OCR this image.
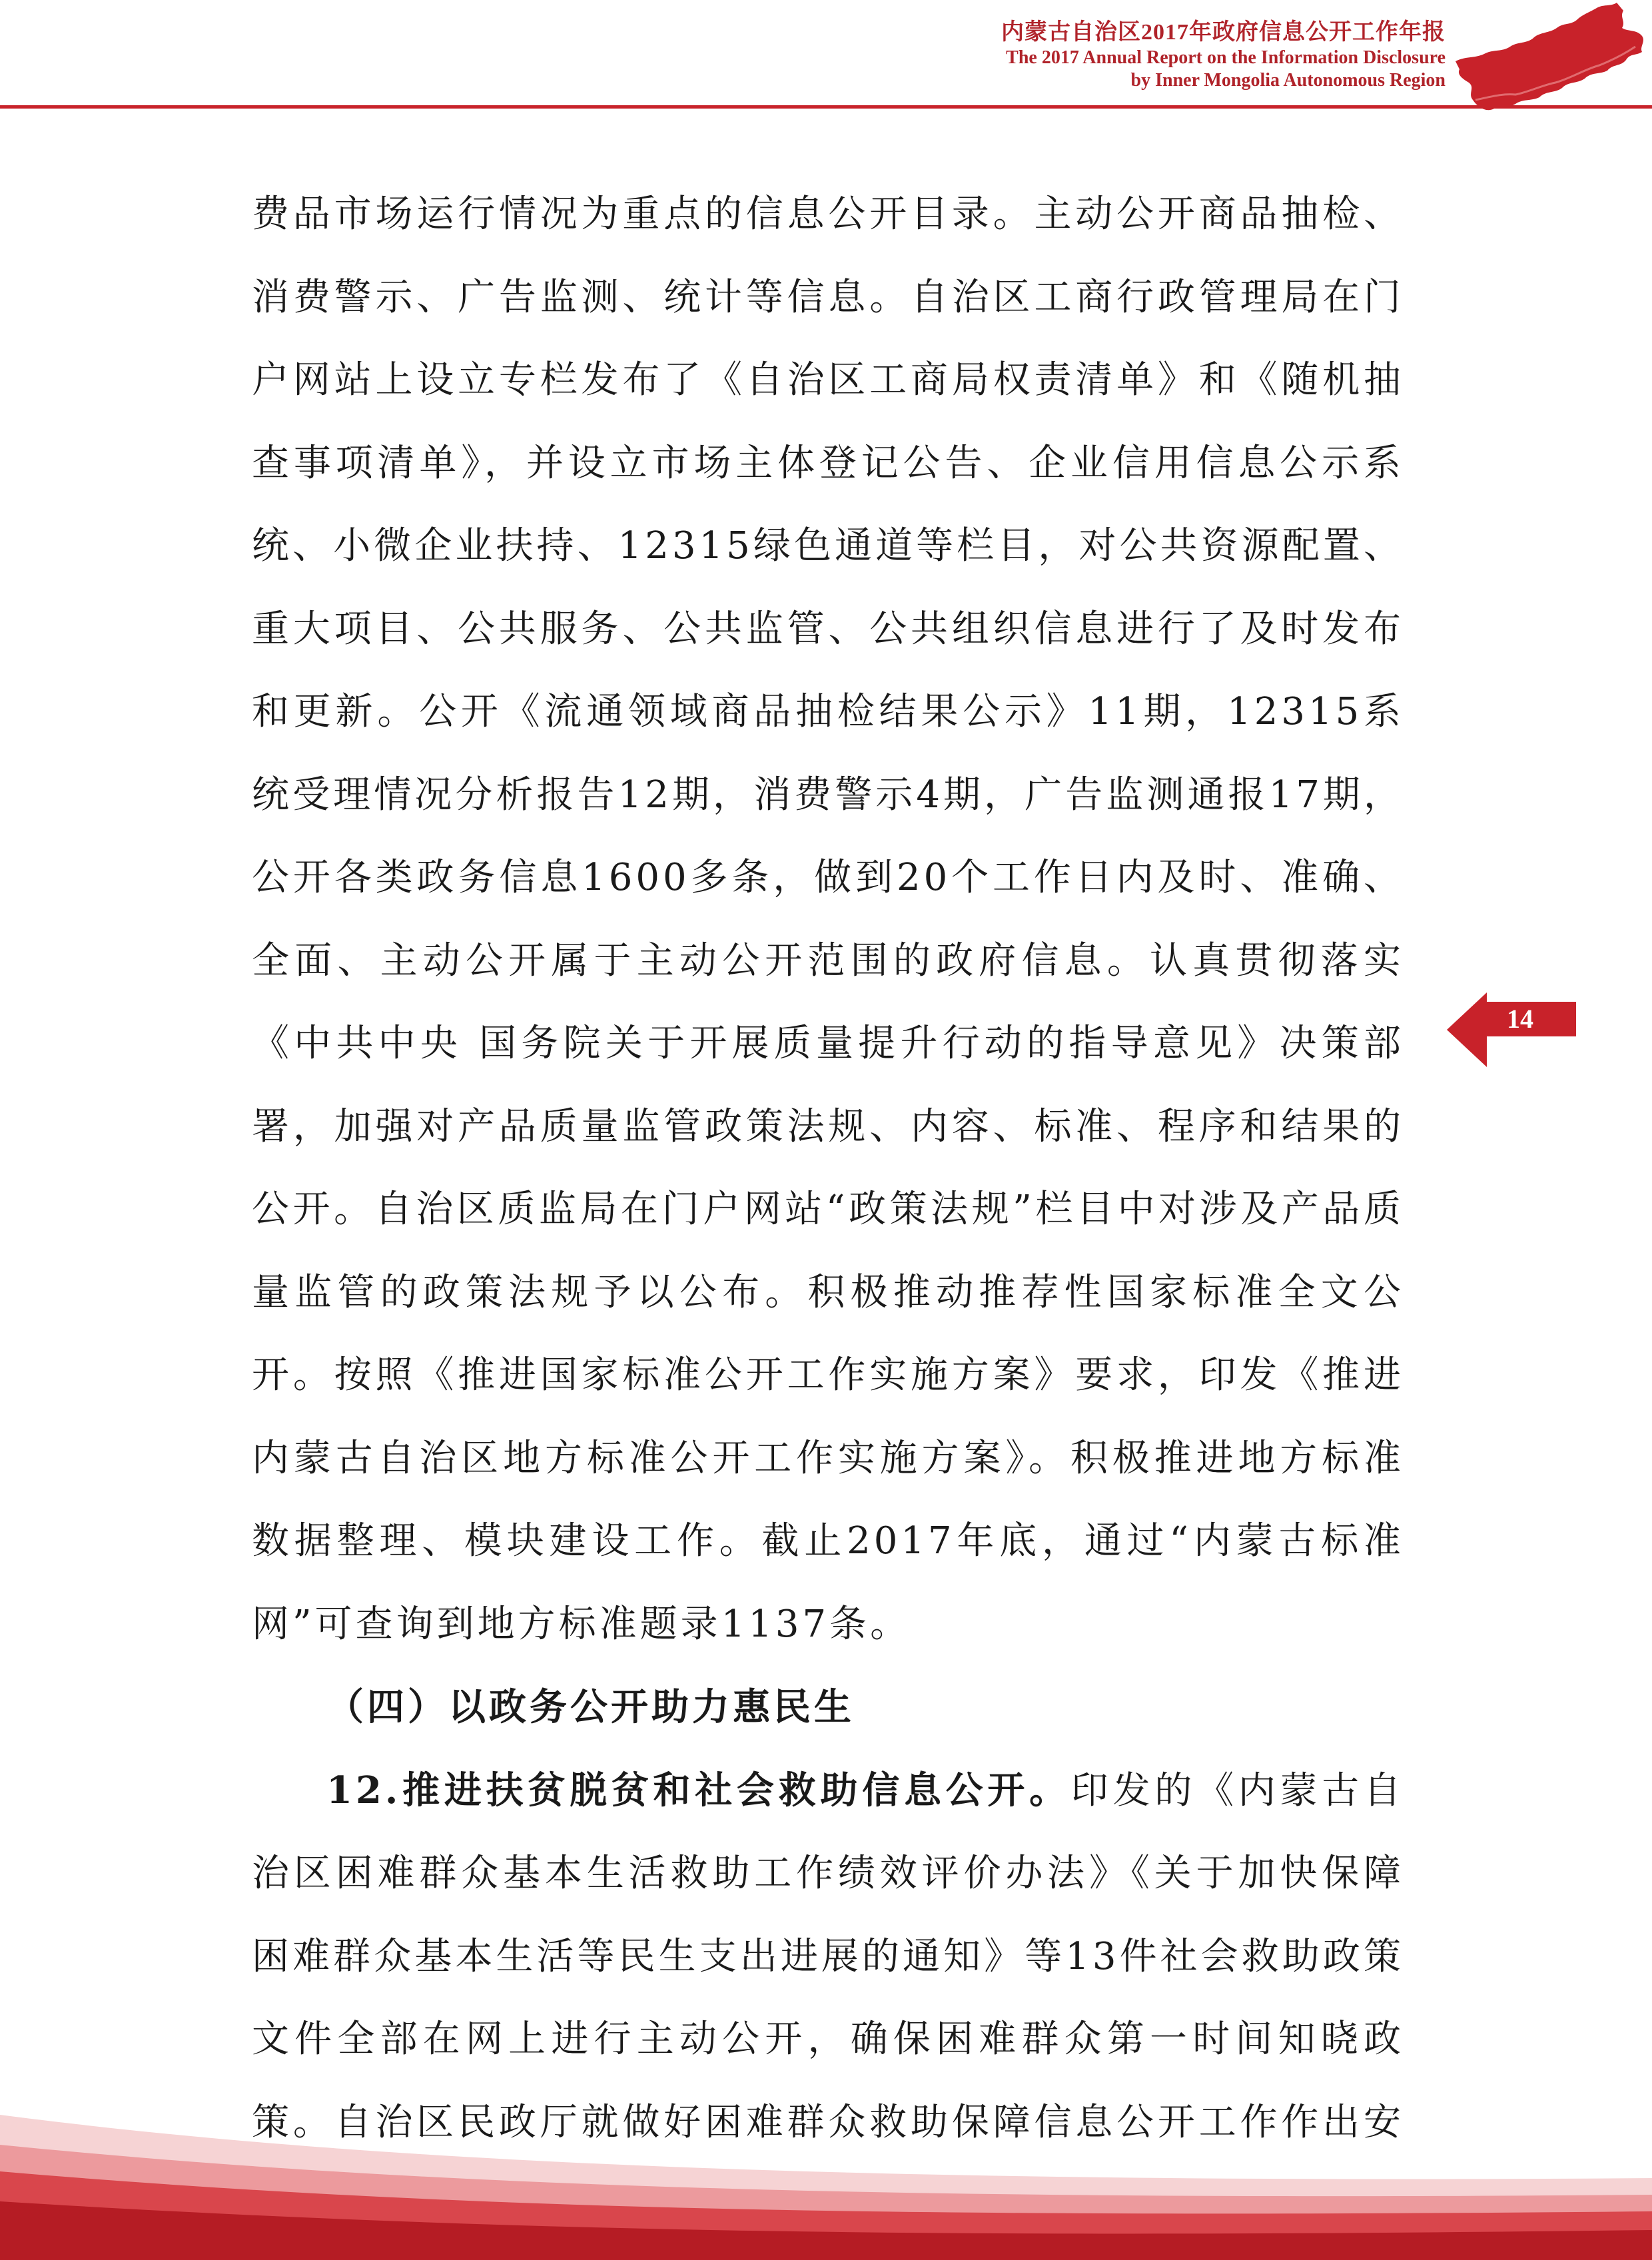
内蒙古自治区2017年政府信息公开工作年报
The 2017 Annual Report on the Information Disclosure
by Inner Mongolia Autonomous Region
14

费品市场运行情况为重点的信息公开目录。主动公开商品抽检、消费警示、广告监测、统计等信息。自治区工商行政管理局在门户网站上设立专栏发布了《自治区工商局权责清单》和《随机抽查事项清单》，并设立市场主体登记公告、企业信用信息公示系统、小微企业扶持、12315绿色通道等栏目，对公共资源配置、重大项目、公共服务、公共监管、公共组织信息进行了及时发布和更新。公开《流通领域商品抽检结果公示》11期，12315系统受理情况分析报告12期，消费警示4期，广告监测通报17期，公开各类政务信息1600多条，做到20个工作日内及时、准确、全面、主动公开属于主动公开范围的政府信息。认真贯彻落实《中共中央 国务院关于开展质量提升行动的指导意见》决策部署，加强对产品质量监管政策法规、内容、标准、程序和结果的公开。自治区质监局在门户网站“政策法规”栏目中对涉及产品质量监管的政策法规予以公布。积极推动推荐性国家标准全文公开。按照《推进国家标准公开工作实施方案》要求，印发《推进内蒙古自治区地方标准公开工作实施方案》。积极推进地方标准数据整理、模块建设工作。截止2017年底，通过“内蒙古标准网”可查询到地方标准题录1137条。

（四）以政务公开助力惠民生

12.推进扶贫脱贫和社会救助信息公开。印发的《内蒙古自治区困难群众基本生活救助工作绩效评价办法》《关于加快保障困难群众基本生活等民生支出进展的通知》等13件社会救助政策文件全部在网上进行主动公开，确保困难群众第一时间知晓政策。自治区民政厅就做好困难群众救助保障信息公开工作作出安
